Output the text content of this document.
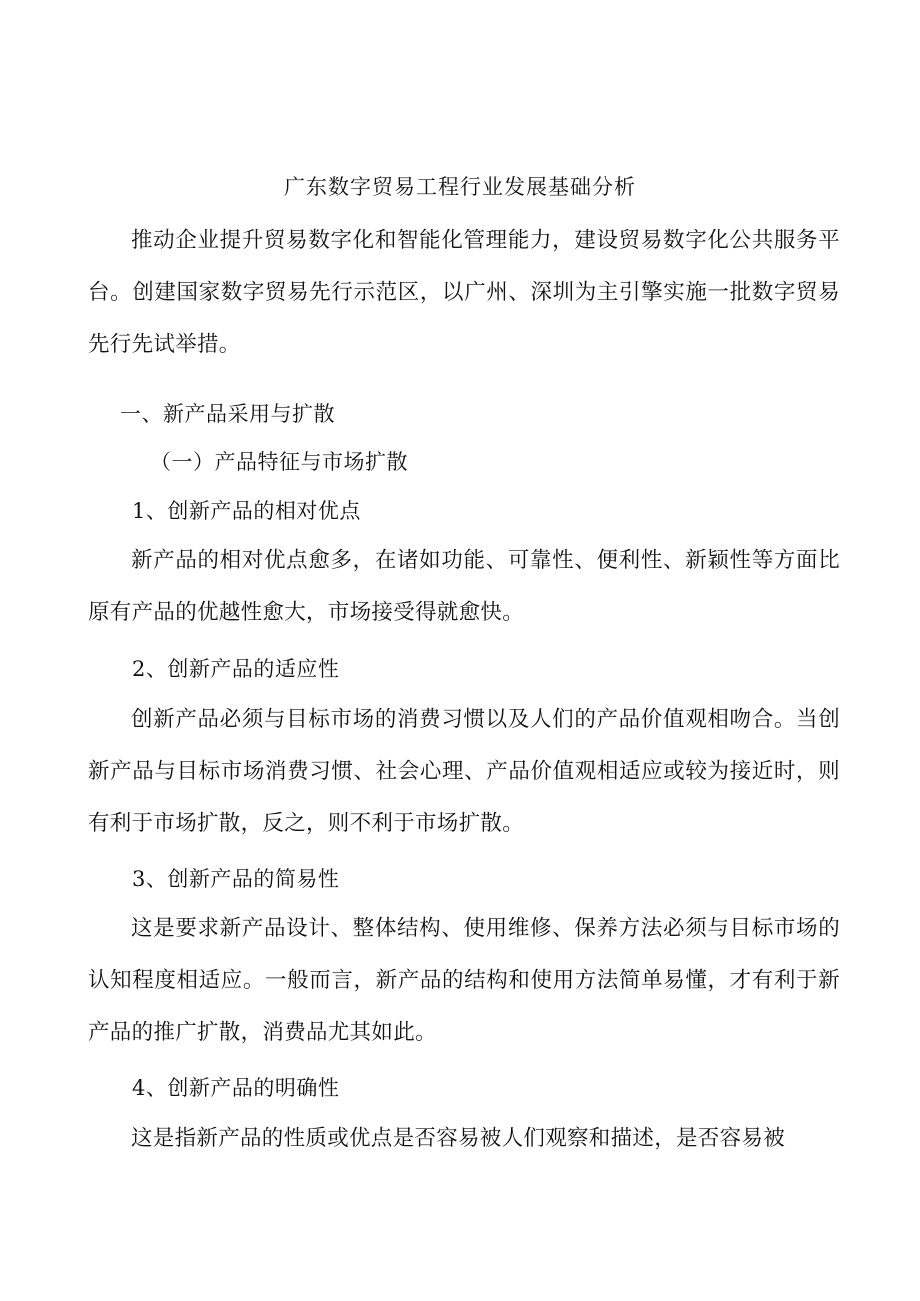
广东数字贸易工程行业发展基础分析
推动企业提升贸易数字化和智能化管理能力，建设贸易数字化公共服务平台。创建国家数字贸易先行示范区，以广州、深圳为主引擎实施一批数字贸易先行先试举措。
一、新产品采用与扩散
（一）产品特征与市场扩散
1、创新产品的相对优点
新产品的相对优点愈多，在诸如功能、可靠性、便利性、新颖性等方面比原有产品的优越性愈大，市场接受得就愈快。
2、创新产品的适应性
创新产品必须与目标市场的消费习惯以及人们的产品价值观相吻合。当创新产品与目标市场消费习惯、社会心理、产品价值观相适应或较为接近时，则有利于市场扩散，反之，则不利于市场扩散。
3、创新产品的简易性
这是要求新产品设计、整体结构、使用维修、保养方法必须与目标市场的认知程度相适应。一般而言，新产品的结构和使用方法简单易懂，才有利于新产品的推广扩散，消费品尤其如此。
4、创新产品的明确性
这是指新产品的性质或优点是否容易被人们观察和描述，是否容易被
